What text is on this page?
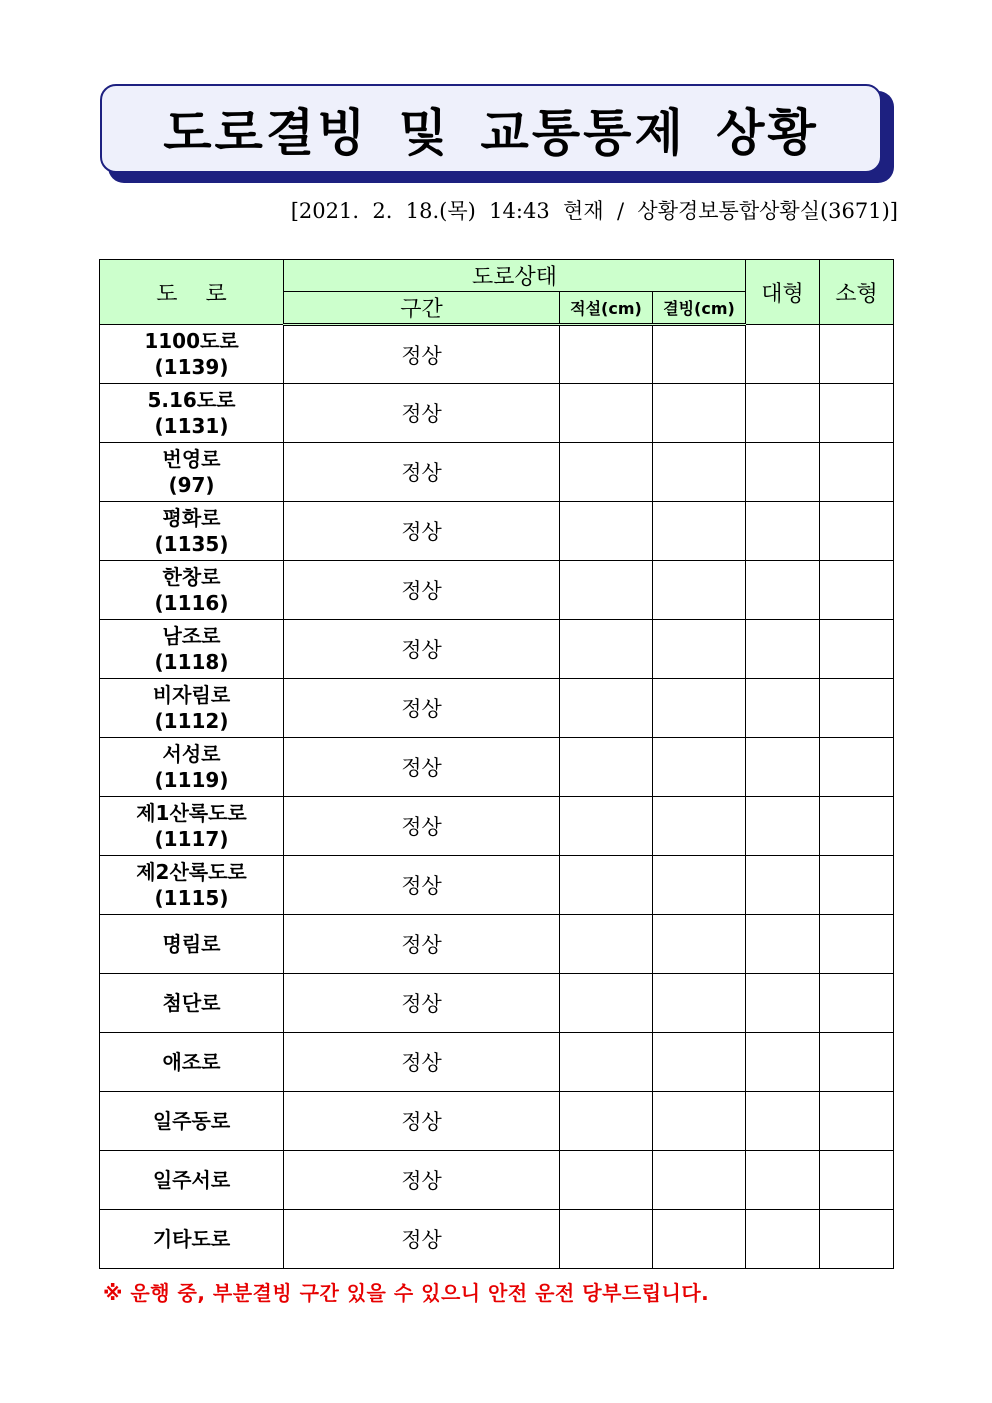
도로결빙 및 교통통제 상황
[2021.  2.  18.(목)  14:43  현재  /  상황경보통합상황실(3671)]
도    로	도로상태			대형	소형
	구간	적설(cm)	결빙(cm)		
1100도로
(1139)	정상				
5.16도로
(1131)	정상				
번영로
(97)	정상				
평화로
(1135)	정상				
한창로
(1116)	정상				
남조로
(1118)	정상				
비자림로
(1112)	정상				
서성로
(1119)	정상				
제1산록도로
(1117)	정상				
제2산록도로
(1115)	정상				
명림로	정상				
첨단로	정상				
애조로	정상				
일주동로	정상				
일주서로	정상				
기타도로	정상				
※ 운행 중, 부분결빙 구간 있을 수 있으니 안전 운전 당부드립니다.
